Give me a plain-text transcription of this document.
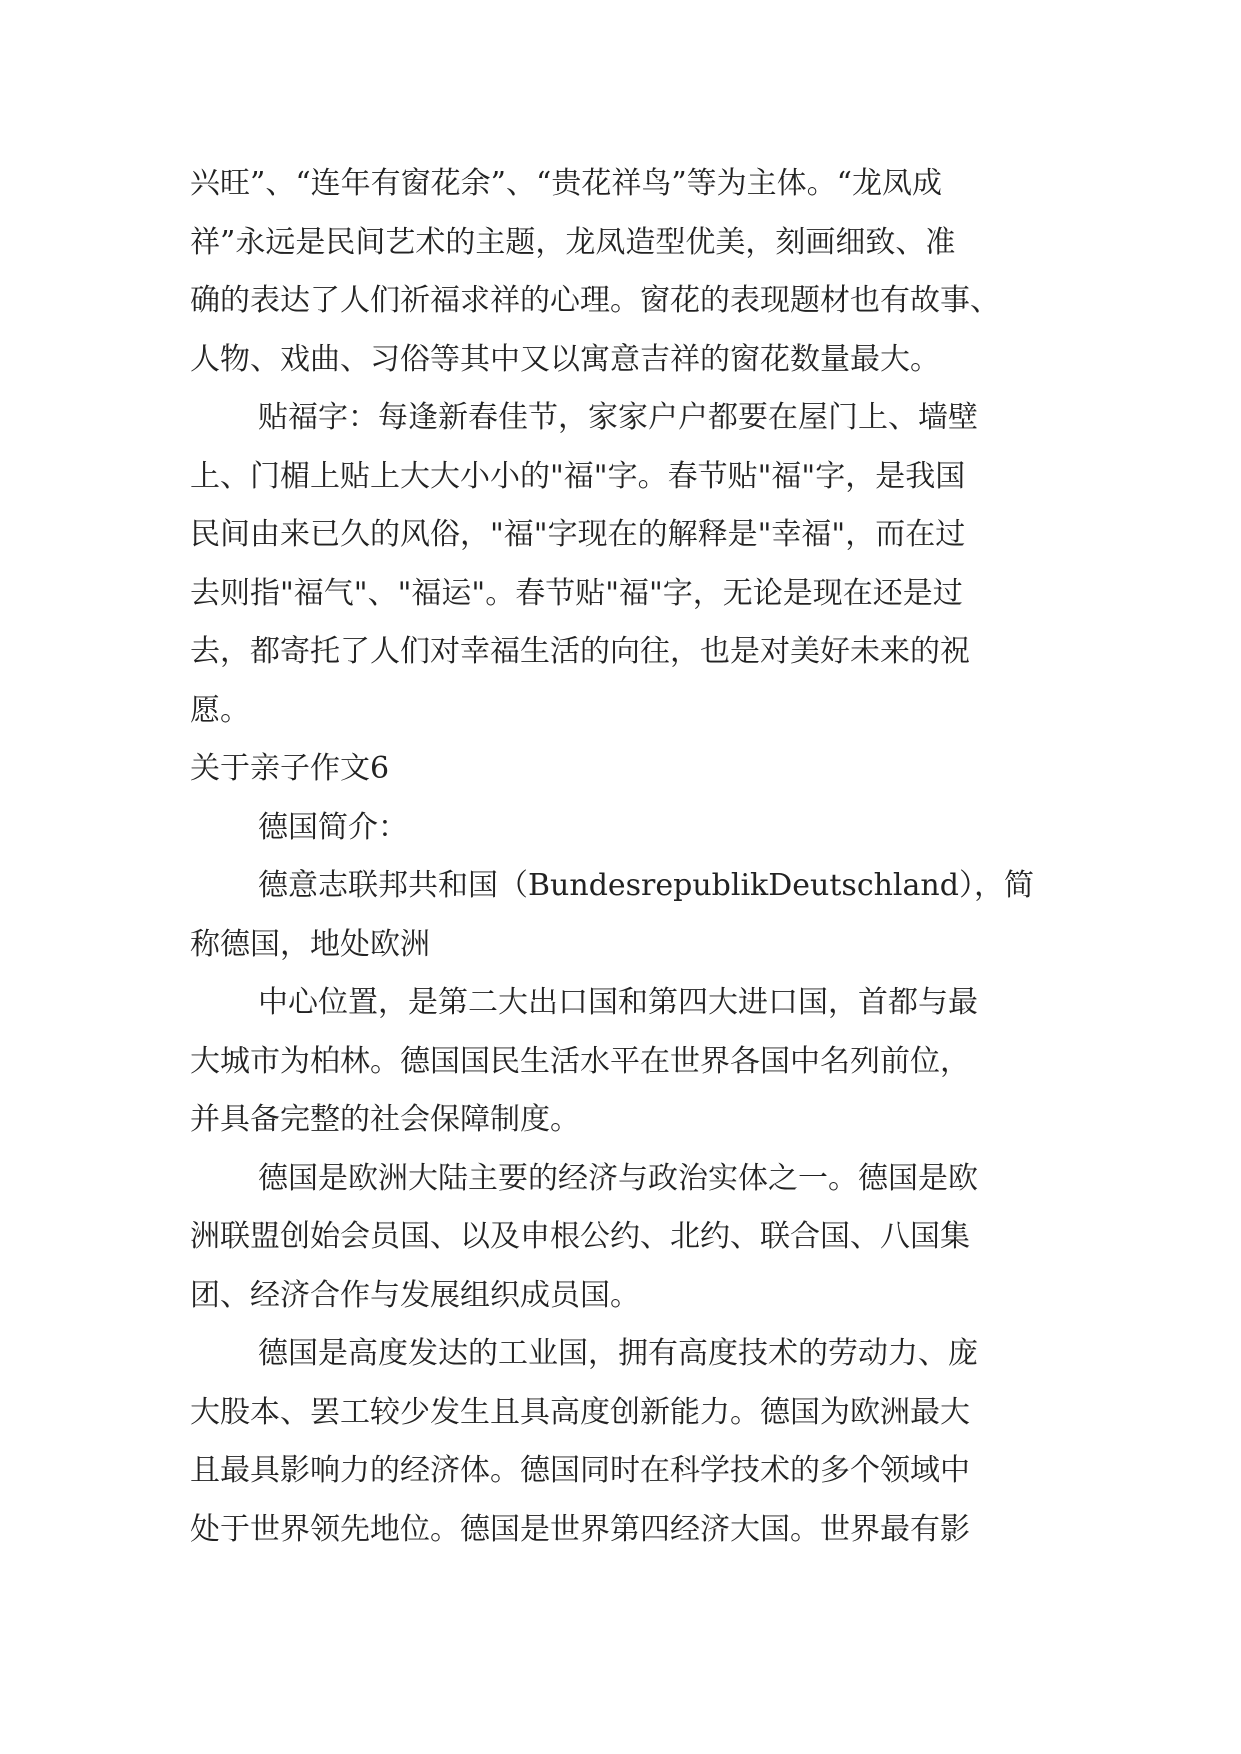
兴旺”、“连年有窗花余”、“贵花祥鸟”等为主体。“龙凤成
祥”永远是民间艺术的主题，龙凤造型优美，刻画细致、准
确的表达了人们祈福求祥的心理。窗花的表现题材也有故事、
人物、戏曲、习俗等其中又以寓意吉祥的窗花数量最大。
贴福字：每逢新春佳节，家家户户都要在屋门上、墙壁
上、门楣上贴上大大小小的"福"字。春节贴"福"字，是我国
民间由来已久的风俗，"福"字现在的解释是"幸福"，而在过
去则指"福气"、"福运"。春节贴"福"字，无论是现在还是过
去，都寄托了人们对幸福生活的向往，也是对美好未来的祝
愿。
关于亲子作文6
德国简介：
德意志联邦共和国（BundesrepublikDeutschland），简
称德国，地处欧洲
中心位置，是第二大出口国和第四大进口国，首都与最
大城市为柏林。德国国民生活水平在世界各国中名列前位，
并具备完整的社会保障制度。
德国是欧洲大陆主要的经济与政治实体之一。德国是欧
洲联盟创始会员国、以及申根公约、北约、联合国、八国集
团、经济合作与发展组织成员国。
德国是高度发达的工业国，拥有高度技术的劳动力、庞
大股本、罢工较少发生且具高度创新能力。德国为欧洲最大
且最具影响力的经济体。德国同时在科学技术的多个领域中
处于世界领先地位。德国是世界第四经济大国。世界最有影
